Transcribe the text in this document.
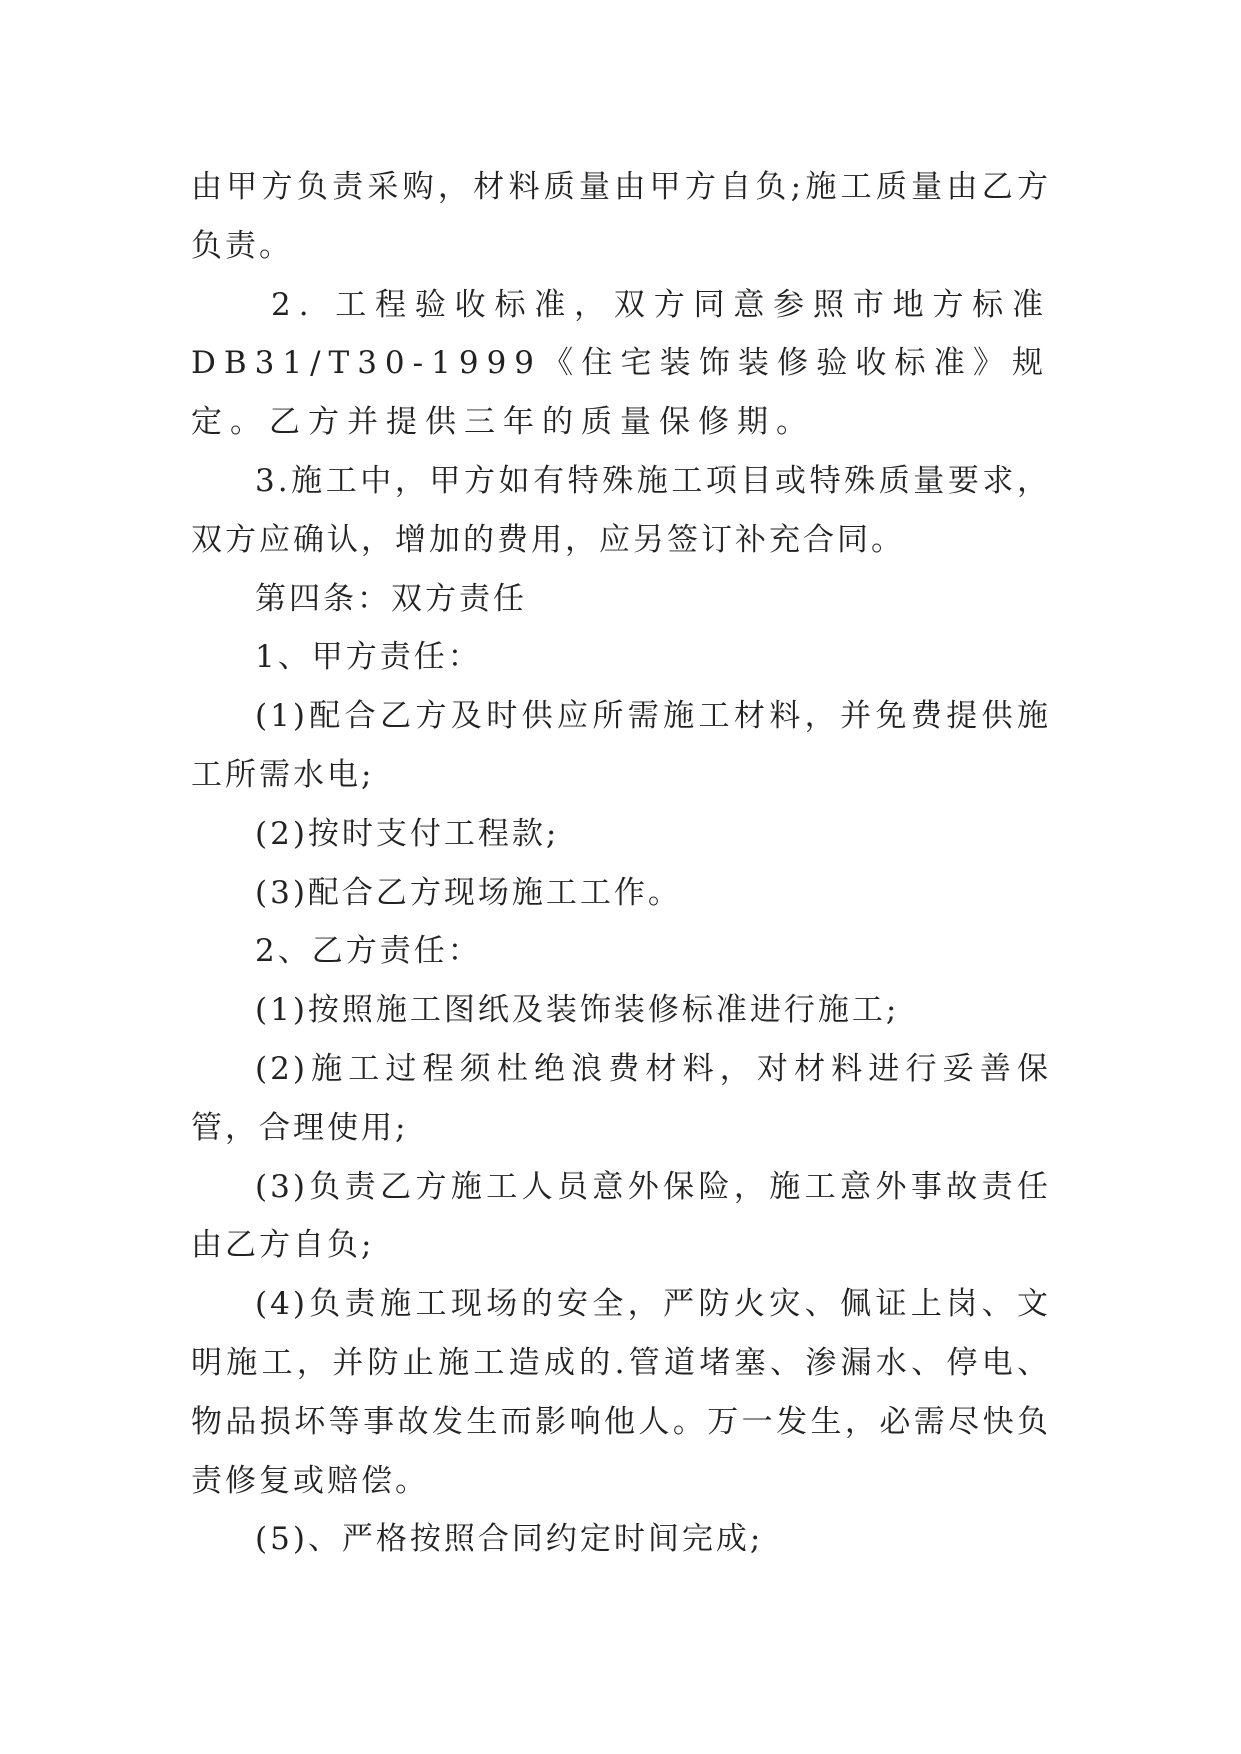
由甲方负责采购，材料质量由甲方自负;施工质量由乙方负责。

2. 工程验收标准，双方同意参照市地方标准DB31/T30-1999《住宅装饰装修验收标准》规定。乙方并提供三年的质量保修期。

3.施工中，甲方如有特殊施工项目或特殊质量要求，双方应确认，增加的费用，应另签订补充合同。

第四条：双方责任

1、甲方责任：

(1)配合乙方及时供应所需施工材料，并免费提供施工所需水电;

(2)按时支付工程款;

(3)配合乙方现场施工工作。

2、乙方责任：

(1)按照施工图纸及装饰装修标准进行施工;

(2)施工过程须杜绝浪费材料，对材料进行妥善保管，合理使用;

(3)负责乙方施工人员意外保险，施工意外事故责任由乙方自负;

(4)负责施工现场的安全，严防火灾、佩证上岗、文明施工，并防止施工造成的.管道堵塞、渗漏水、停电、物品损坏等事故发生而影响他人。万一发生，必需尽快负责修复或赔偿。

(5)、严格按照合同约定时间完成;
